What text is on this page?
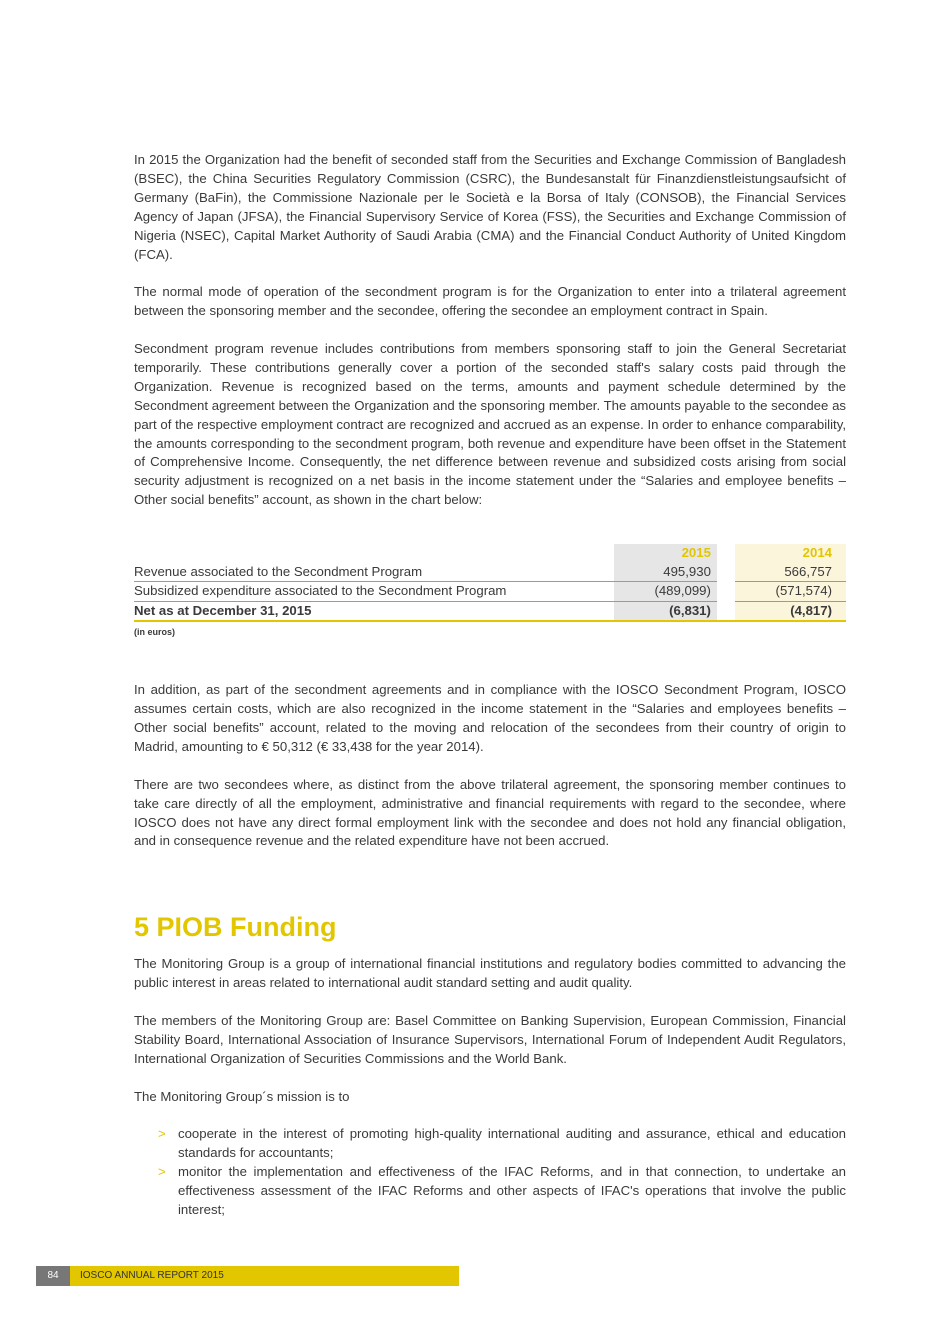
In 2015 the Organization had the benefit of seconded staff from the Securities and Exchange Commission of Bangladesh (BSEC), the China Securities Regulatory Commission (CSRC), the Bundesanstalt für Finanzdienstleistungsaufsicht of Germany (BaFin), the Commissione Nazionale per le Società e la Borsa of Italy (CONSOB), the Financial Services Agency of Japan (JFSA), the Financial Supervisory Service of Korea (FSS), the Securities and Exchange Commission of Nigeria (NSEC), Capital Market Authority of Saudi Arabia (CMA) and the Financial Conduct Authority of United Kingdom (FCA).

The normal mode of operation of the secondment program is for the Organization to enter into a trilateral agreement between the sponsoring member and the secondee, offering the secondee an employment contract in Spain.

Secondment program revenue includes contributions from members sponsoring staff to join the General Secretariat temporarily. These contributions generally cover a portion of the seconded staff's salary costs paid through the Organization. Revenue is recognized based on the terms, amounts and payment schedule determined by the Secondment agreement between the Organization and the sponsoring member. The amounts payable to the secondee as part of the respective employment contract are recognized and accrued as an expense. In order to enhance comparability, the amounts corresponding to the secondment program, both revenue and expenditure have been offset in the Statement of Comprehensive Income. Consequently, the net difference between revenue and subsidized costs arising from social security adjustment is recognized on a net basis in the income statement under the “Salaries and employee benefits – Other social benefits” account, as shown in the chart below:

	2015		2014
Revenue associated to the Secondment Program	495,930		566,757
Subsidized expenditure associated to the Secondment Program	(489,099)		(571,574)
Net as at December 31, 2015	(6,831)		(4,817)
(in euros)

In addition, as part of the secondment agreements and in compliance with the IOSCO Secondment Program, IOSCO assumes certain costs, which are also recognized in the income statement in the “Salaries and employees benefits – Other social benefits” account, related to the moving and relocation of the secondees from their country of origin to Madrid, amounting to € 50,312 (€ 33,438 for the year 2014).

There are two secondees where, as distinct from the above trilateral agreement, the sponsoring member continues to take care directly of all the employment, administrative and financial requirements with regard to the secondee, where IOSCO does not have any direct formal employment link with the secondee and does not hold any financial obligation, and in consequence revenue and the related expenditure have not been accrued.

5 PIOB Funding

The Monitoring Group is a group of international financial institutions and regulatory bodies committed to advancing the public interest in areas related to international audit standard setting and audit quality.

The members of the Monitoring Group are: Basel Committee on Banking Supervision, European Commission, Financial Stability Board, International Association of Insurance Supervisors, International Forum of Independent Audit Regulators, International Organization of Securities Commissions and the World Bank.

The Monitoring Group´s mission is to

> cooperate in the interest of promoting high-quality international auditing and assurance, ethical and education standards for accountants;
> monitor the implementation and effectiveness of the IFAC Reforms, and in that connection, to undertake an effectiveness assessment of the IFAC Reforms and other aspects of IFAC's operations that involve the public interest;
84	IOSCO ANNUAL REPORT 2015
